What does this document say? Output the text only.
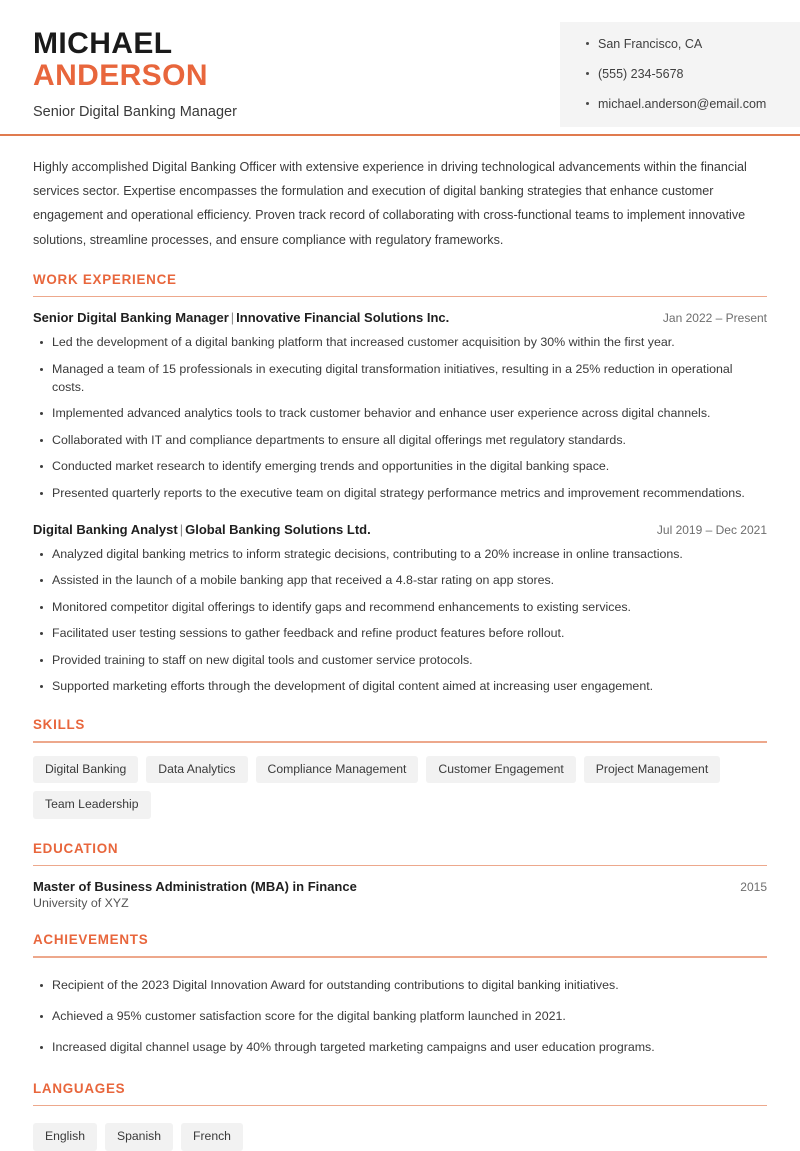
MICHAEL
ANDERSON
Senior Digital Banking Manager
San Francisco, CA
(555) 234-5678
michael.anderson@email.com
Highly accomplished Digital Banking Officer with extensive experience in driving technological advancements within the financial services sector. Expertise encompasses the formulation and execution of digital banking strategies that enhance customer engagement and operational efficiency. Proven track record of collaborating with cross-functional teams to implement innovative solutions, streamline processes, and ensure compliance with regulatory frameworks.
WORK EXPERIENCE
Senior Digital Banking Manager | Innovative Financial Solutions Inc.	Jan 2022 – Present
Led the development of a digital banking platform that increased customer acquisition by 30% within the first year.
Managed a team of 15 professionals in executing digital transformation initiatives, resulting in a 25% reduction in operational costs.
Implemented advanced analytics tools to track customer behavior and enhance user experience across digital channels.
Collaborated with IT and compliance departments to ensure all digital offerings met regulatory standards.
Conducted market research to identify emerging trends and opportunities in the digital banking space.
Presented quarterly reports to the executive team on digital strategy performance metrics and improvement recommendations.
Digital Banking Analyst | Global Banking Solutions Ltd.	Jul 2019 – Dec 2021
Analyzed digital banking metrics to inform strategic decisions, contributing to a 20% increase in online transactions.
Assisted in the launch of a mobile banking app that received a 4.8-star rating on app stores.
Monitored competitor digital offerings to identify gaps and recommend enhancements to existing services.
Facilitated user testing sessions to gather feedback and refine product features before rollout.
Provided training to staff on new digital tools and customer service protocols.
Supported marketing efforts through the development of digital content aimed at increasing user engagement.
SKILLS
Digital Banking	Data Analytics	Compliance Management	Customer Engagement	Project Management
Team Leadership
EDUCATION
Master of Business Administration (MBA) in Finance	2015
University of XYZ
ACHIEVEMENTS
Recipient of the 2023 Digital Innovation Award for outstanding contributions to digital banking initiatives.
Achieved a 95% customer satisfaction score for the digital banking platform launched in 2021.
Increased digital channel usage by 40% through targeted marketing campaigns and user education programs.
LANGUAGES
English	Spanish	French
